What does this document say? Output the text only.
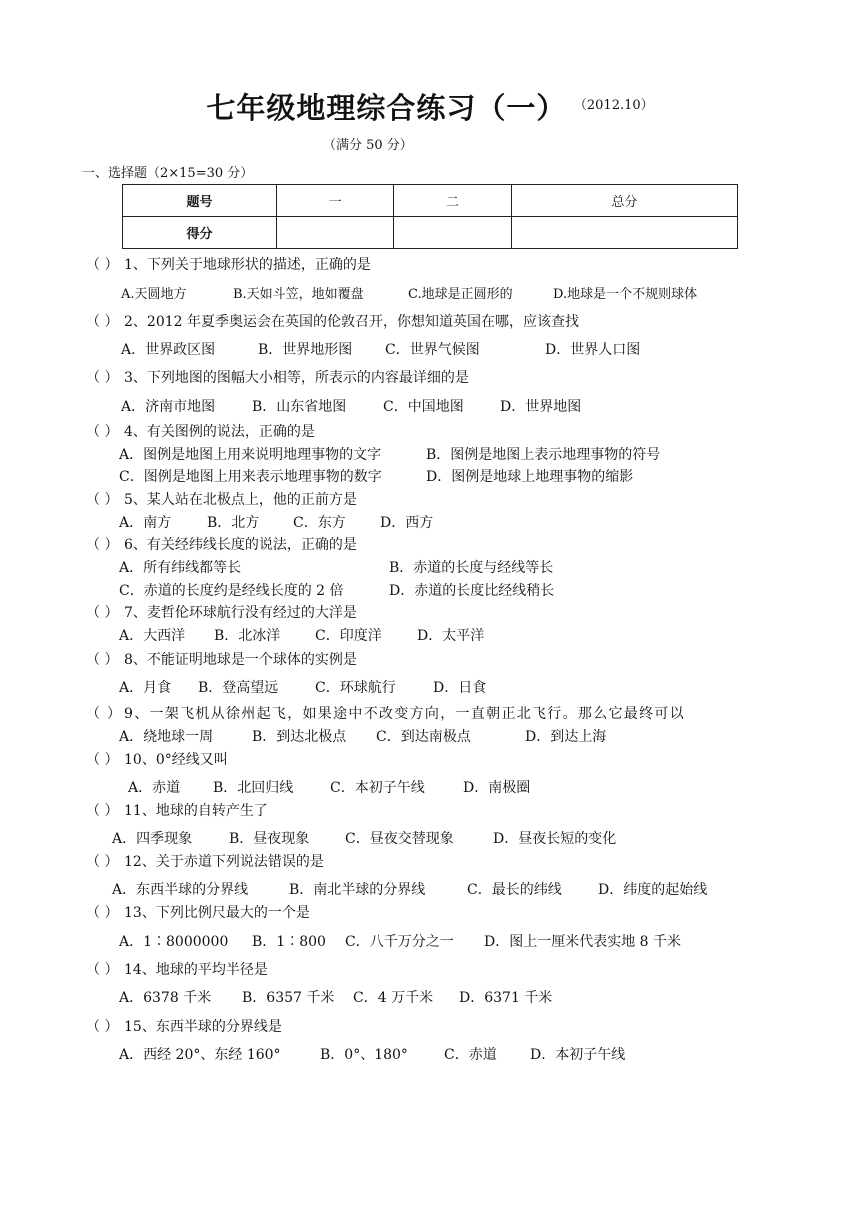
七年级地理综合练习（一） （2012.10）
（满分 50 分）
一、选择题（2×15=30 分）
题号	一	二	总分
得分			
（ ） 1、下列关于地球形状的描述，正确的是
A.天圆地方	B.天如斗笠，地如覆盘	C.地球是正圆形的	D.地球是一个不规则球体
（ ） 2、2012 年夏季奥运会在英国的伦敦召开，你想知道英国在哪，应该查找
A．世界政区图	B．世界地形图 C．世界气候图	D．世界人口图
（ ） 3、下列地图的图幅大小相等，所表示的内容最详细的是
A．济南市地图	B．山东省地图	C．中国地图	D．世界地图
（ ） 4、有关图例的说法，正确的是
A．图例是地图上用来说明地理事物的文字	B．图例是地图上表示地理事物的符号
C．图例是地图上用来表示地理事物的数字	D．图例是地球上地理事物的缩影
（ ） 5、某人站在北极点上，他的正前方是
A．南方	B．北方 C．东方 D．西方
（ ） 6、有关经纬线长度的说法，正确的是
A．所有纬线都等长	B．赤道的长度与经线等长
C．赤道的长度约是经线长度的 2 倍	D．赤道的长度比经线稍长
（ ） 7、麦哲伦环球航行没有经过的大洋是
A．大西洋 B．北冰洋 C．印度洋	D．太平洋
（ ） 8、不能证明地球是一个球体的实例是
A．月食 B．登高望远	C．环球航行	D．日食
（ ） 9、一架飞机从徐州起飞，如果途中不改变方向，一直朝正北飞行。那么它最终可以
A．绕地球一周	B．到达北极点 C．到达南极点	D．到达上海
（ ） 10、0°经线又叫
A．赤道 B．北回归线	C．本初子午线	D．南极圈
（ ） 11、地球的自转产生了
A．四季现象	B．昼夜现象	C．昼夜交替现象	D．昼夜长短的变化
（ ） 12、关于赤道下列说法错误的是
A．东西半球的分界线	B．南北半球的分界线	C．最长的纬线	D．纬度的起始线
（ ） 13、下列比例尺最大的一个是
A．1∶8000000 B．1∶800 C．八千万分之一 D．图上一厘米代表实地 8 千米
（ ） 14、地球的平均半径是
A．6378 千米 B．6357 千米 C．4 万千米 D．6371 千米
（ ） 15、东西半球的分界线是
A．西经 20°、东经 160°	B．0°、180°	C．赤道 D．本初子午线
